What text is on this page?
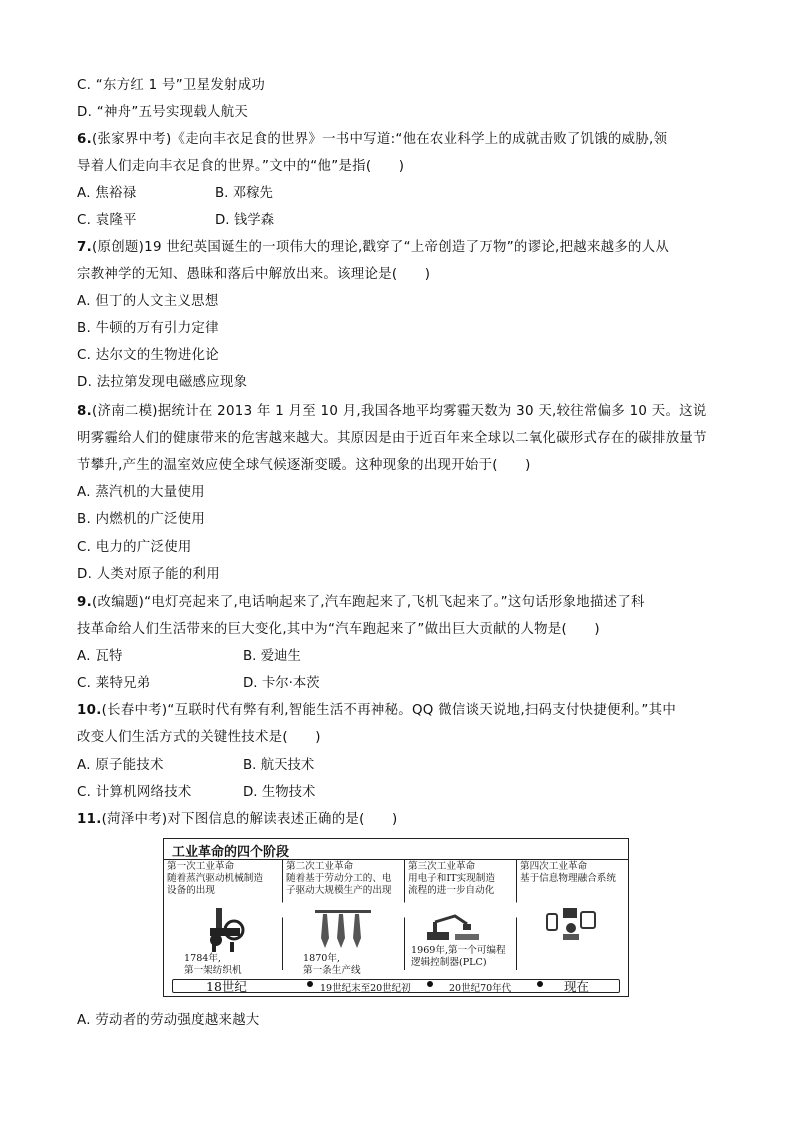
C. “东方红 1 号”卫星发射成功
D. “神舟”五号实现载人航天
6.(张家界中考)《走向丰衣足食的世界》一书中写道:“他在农业科学上的成就击败了饥饿的威胁,领
导着人们走向丰衣足食的世界。”文中的“他”是指(　　)
A. 焦裕禄	B. 邓稼先
C. 袁隆平	D. 钱学森
7.(原创题)19 世纪英国诞生的一项伟大的理论,戳穿了“上帝创造了万物”的谬论,把越来越多的人从
宗教神学的无知、愚昧和落后中解放出来。该理论是(　　)
A. 但丁的人文主义思想
B. 牛顿的万有引力定律
C. 达尔文的生物进化论
D. 法拉第发现电磁感应现象
8.(济南二模)据统计在 2013 年 1 月至 10 月,我国各地平均雾霾天数为 30 天,较往常偏多 10 天。这说
明雾霾给人们的健康带来的危害越来越大。其原因是由于近百年来全球以二氧化碳形式存在的碳排放量节
节攀升,产生的温室效应使全球气候逐渐变暖。这种现象的出现开始于(　　)
A. 蒸汽机的大量使用
B. 内燃机的广泛使用
C. 电力的广泛使用
D. 人类对原子能的利用
9.(改编题)“电灯亮起来了,电话响起来了,汽车跑起来了,飞机飞起来了。”这句话形象地描述了科
技革命给人们生活带来的巨大变化,其中为“汽车跑起来了”做出巨大贡献的人物是(　　)
A. 瓦特	B. 爱迪生
C. 莱特兄弟	D. 卡尔·本茨
10.(长春中考)“互联时代有弊有利,智能生活不再神秘。QQ 微信谈天说地,扫码支付快捷便利。”其中
改变人们生活方式的关键性技术是(　　)
A. 原子能技术	B. 航天技术
C. 计算机网络技术	D. 生物技术
11.(菏泽中考)对下图信息的解读表述正确的是(　　)
工业革命的四个阶段
第一次工业革命
随着蒸汽驱动机械制造
设备的出现
1784年,
第一架纺织机
第二次工业革命
随着基于劳动分工的、电
子驱动大规模生产的出现
1870年,
第一条生产线
第三次工业革命
用电子和IT实现制造
流程的进一步自动化
1969年,第一个可编程
逻辑控制器(PLC)
第四次工业革命
基于信息物理融合系统
18世纪	19世纪末至20世纪初	20世纪70年代	现在
A. 劳动者的劳动强度越来越大
